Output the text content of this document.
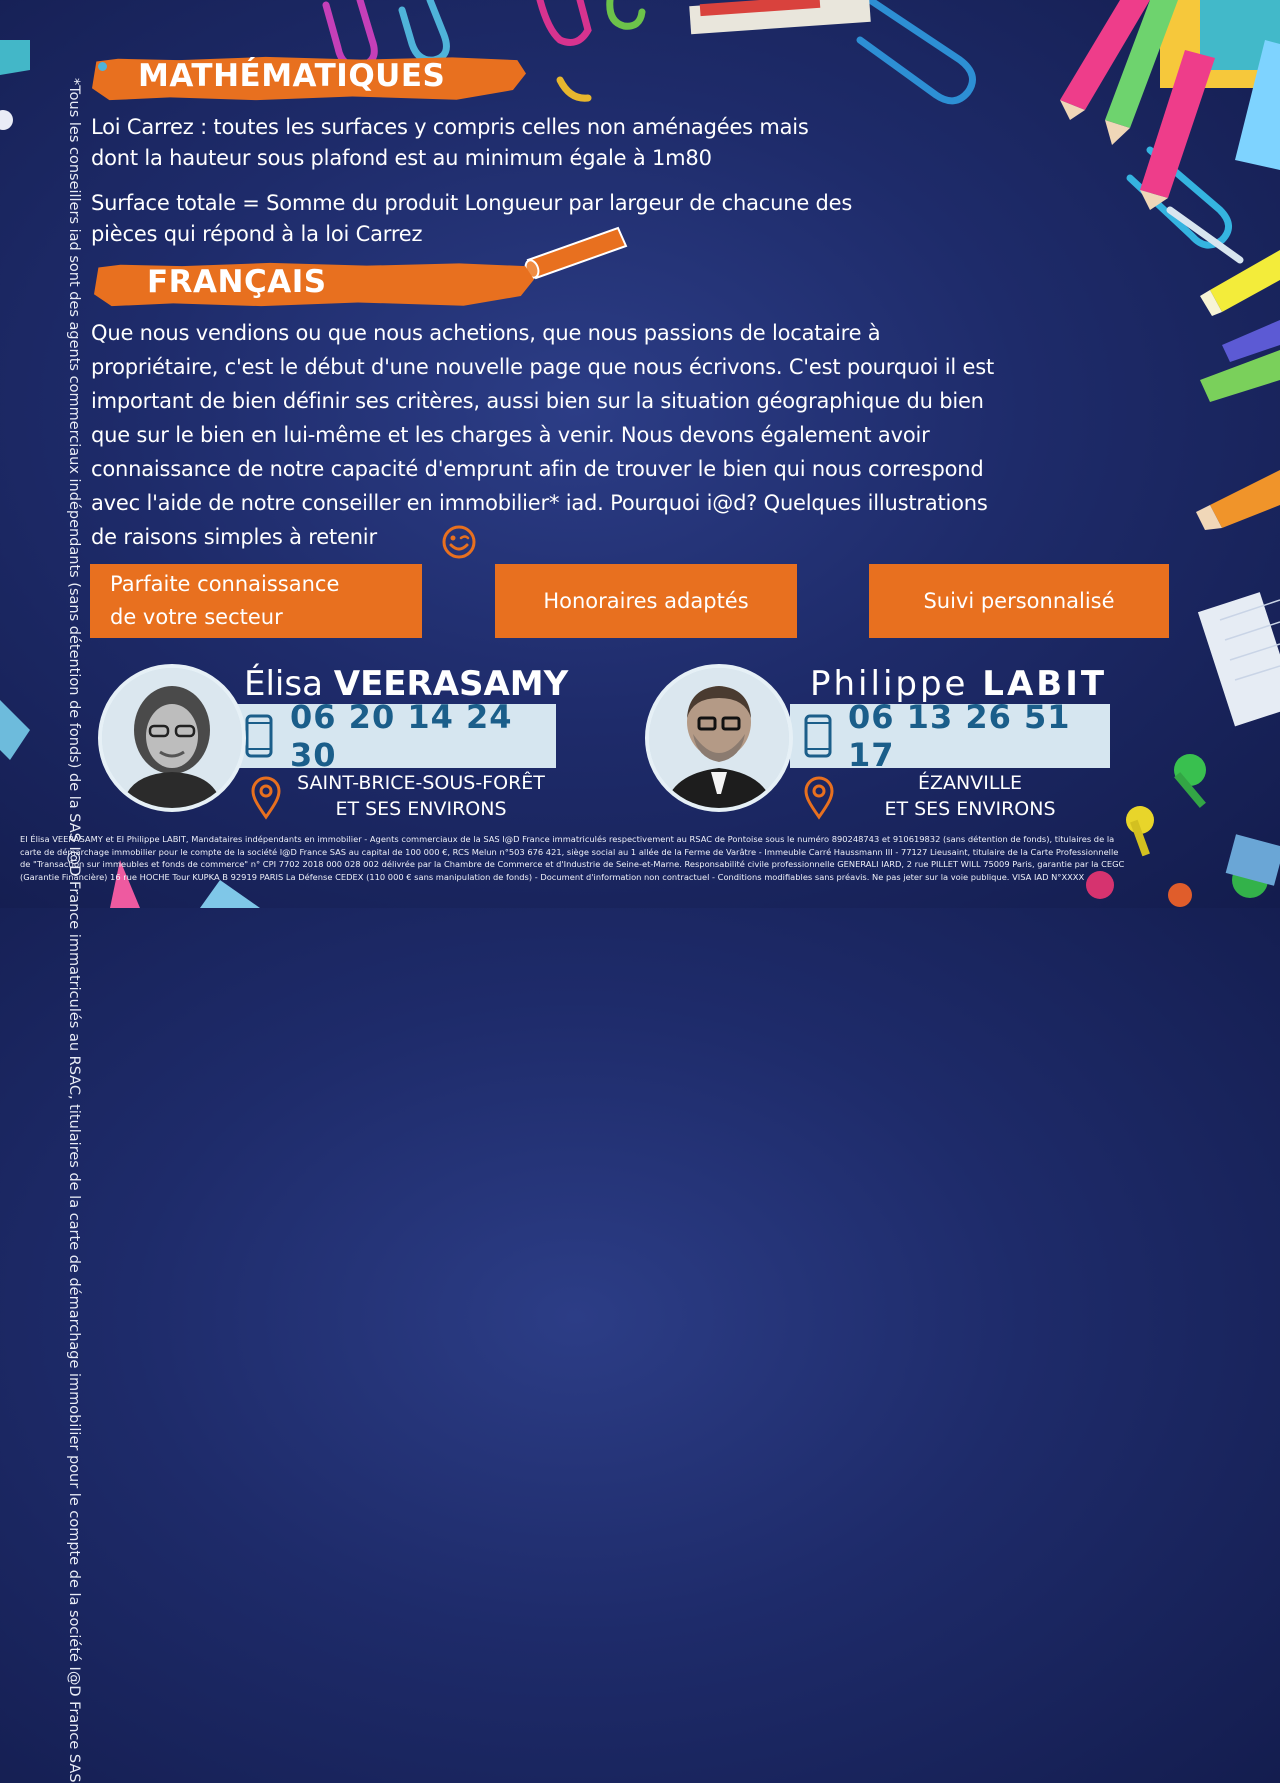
*Tous les conseillers iad sont des agents commerciaux indépendants (sans détention de fonds) de la SAS I@D France immatriculés au RSAC, titulaires de la carte de démarchage immobilier pour le compte de la société I@D France SAS
MATHÉMATIQUES

Loi Carrez : toutes les surfaces y compris celles non aménagées mais

dont la hauteur sous plafond est au minimum égale à 1m80

Surface totale = Somme du produit Longueur par largeur de chacune des

pièces qui répond à la loi Carrez

FRANÇAIS

Que nous vendions ou que nous achetions, que nous passions de locataire à

propriétaire, c'est le début d'une nouvelle page que nous écrivons. C'est pourquoi il est

important de bien définir ses critères, aussi bien sur la situation géographique du bien

que sur le bien en lui-même et les charges à venir. Nous devons également avoir

connaissance de notre capacité d'emprunt afin de trouver le bien qui nous correspond

avec l'aide de notre conseiller en immobilier* iad. Pourquoi i@d? Quelques illustrations

de raisons simples à retenir

Parfaite connaissance
de votre secteur
Honoraires adaptés	Suivi personnalisé
06 20 14 24 30
Élisa VEERASAMY
SAINT-BRICE-SOUS-FORÊT
ET SES ENVIRONS
06 13 26 51 17
Philippe LABIT
ÉZANVILLE
ET SES ENVIRONS

EI Élisa VEERASAMY et EI Philippe LABIT, Mandataires indépendants en immobilier - Agents commerciaux de la SAS I@D France immatriculés respectivement au RSAC de Pontoise sous le numéro 890248743 et 910619832 (sans détention de fonds), titulaires de la carte de démarchage immobilier pour le compte de la société I@D France SAS au capital de 100 000 €, RCS Melun n°503 676 421, siège social au 1 allée de la Ferme de Varâtre - Immeuble Carré Haussmann III - 77127 Lieusaint, titulaire de la Carte Professionnelle de "Transaction sur immeubles et fonds de commerce" n° CPI 7702 2018 000 028 002 délivrée par la Chambre de Commerce et d'Industrie de Seine-et-Marne. Responsabilité civile professionnelle GENERALI IARD, 2 rue PILLET WILL 75009 Paris, garantie par la CEGC (Garantie Financière) 16 rue HOCHE Tour KUPKA B 92919 PARIS La Défense CEDEX (110 000 € sans manipulation de fonds) - Document d'information non contractuel - Conditions modifiables sans préavis. Ne pas jeter sur la voie publique. VISA IAD N°XXXX
